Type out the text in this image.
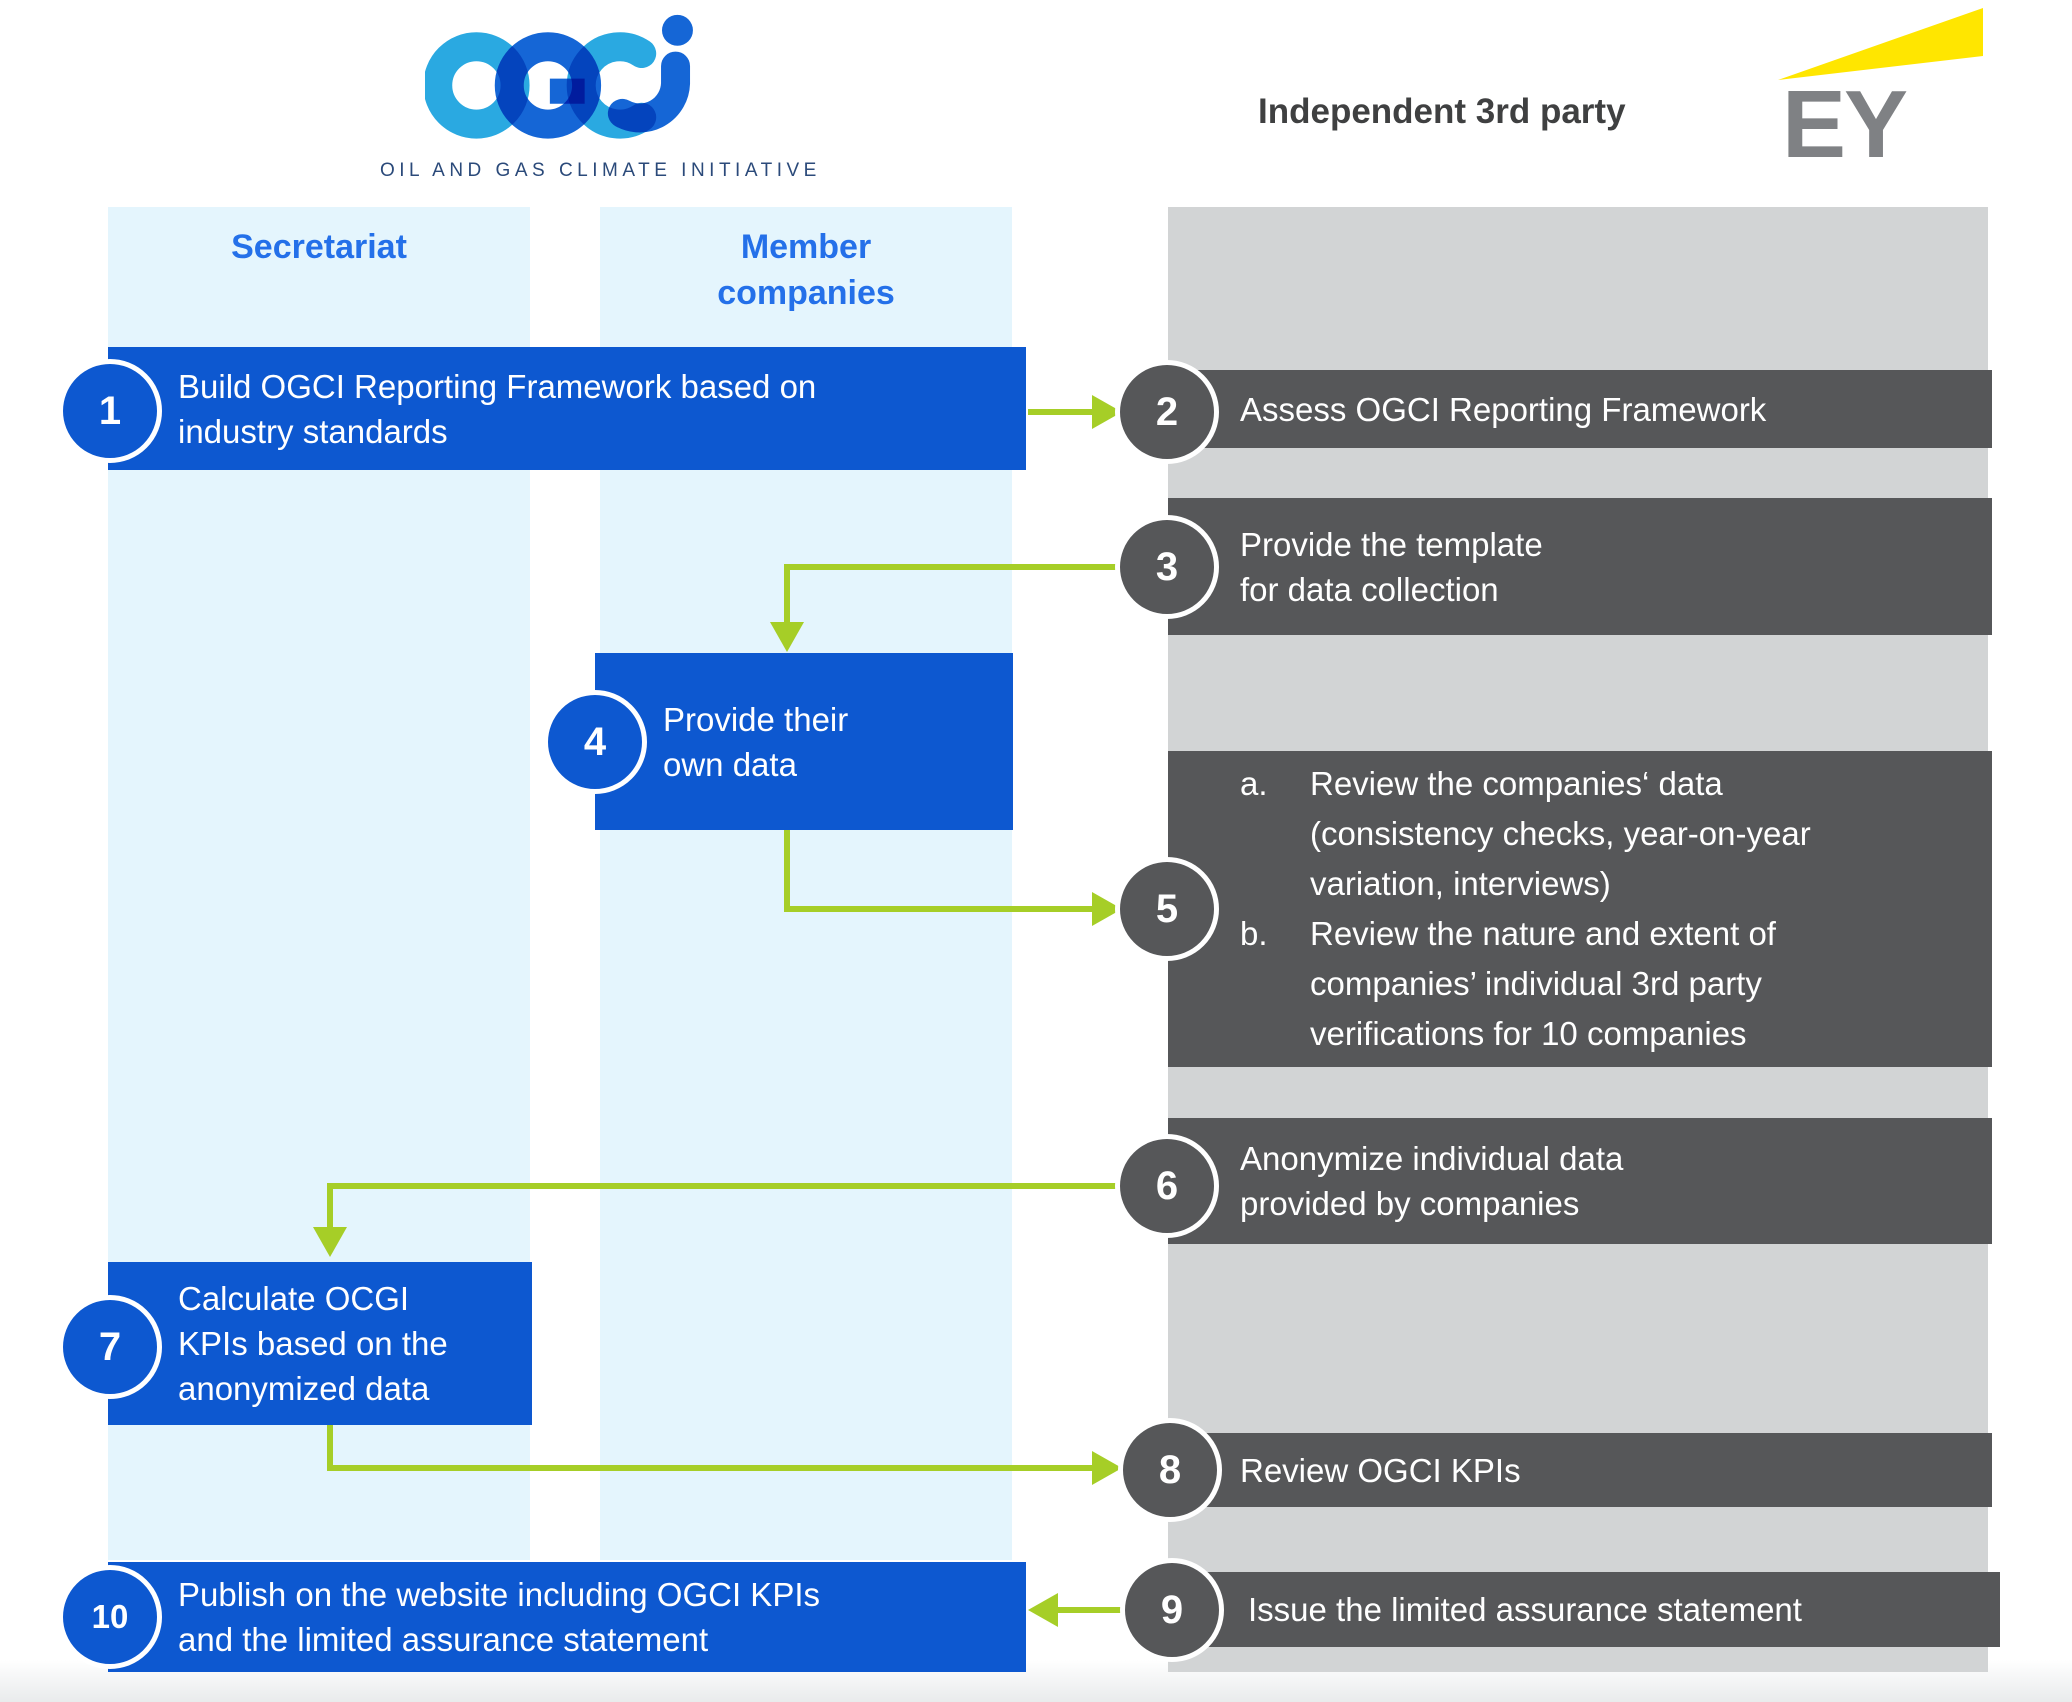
OIL AND GAS CLIMATE INITIATIVE
Independent 3rd party EY
Secretariat	Member
companies
Build OGCI Reporting Framework based on
industry standards
Assess OGCI Reporting Framework
Provide the template
for data collection
Provide their
own data
a.	Review the companies‘ data
(consistency checks, year-on-year
variation, interviews)
b.	Review the nature and extent of
companies’ individual 3rd party
verifications for 10 companies
Anonymize individual data
provided by companies
Calculate OCGI
KPIs based on the
anonymized data
Review OGCI KPIs
Issue the limited assurance statement
Publish on the website including OGCI KPIs
and the limited assurance statement
1	2
3
4
5
6
7
8
9
10
